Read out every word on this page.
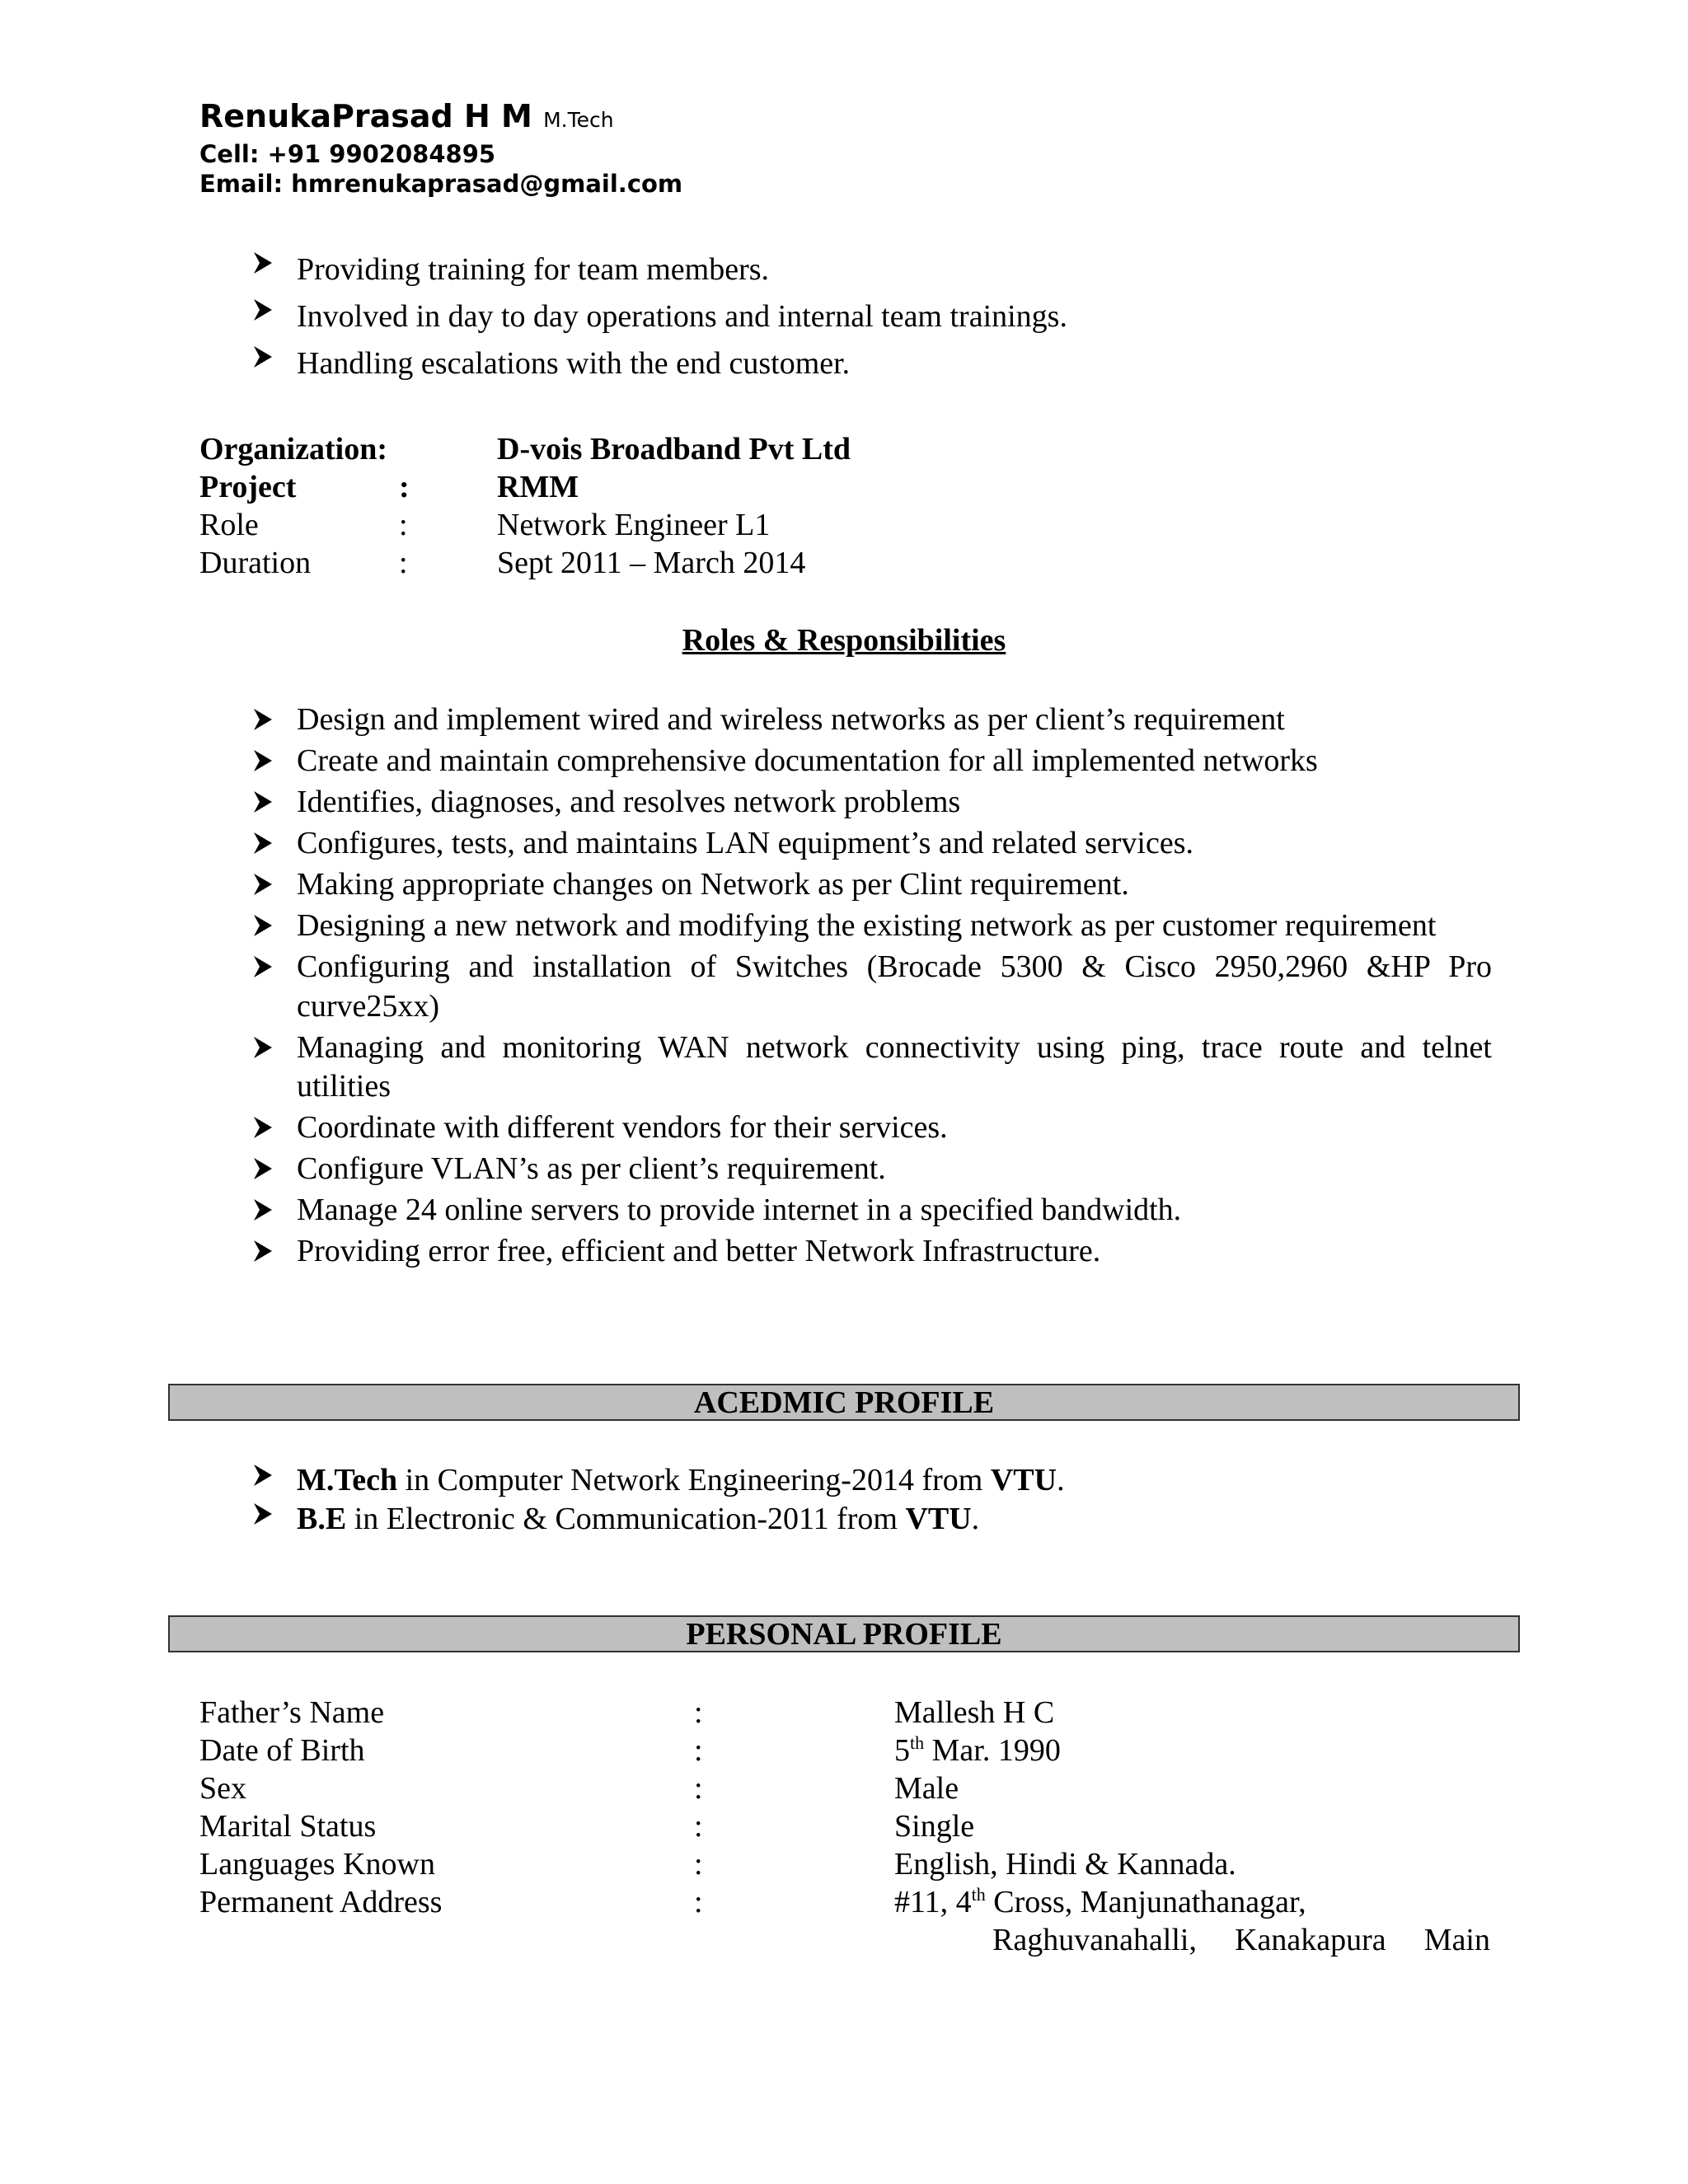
RenukaPrasad H M M.Tech
Cell: +91 9902084895
Email: hmrenukaprasad@gmail.com
Providing training for team members.
Involved in day to day operations and internal team trainings.
Handling escalations with the end customer.
Organization:	D-vois Broadband Pvt Ltd
Project	:	RMM
Role	:	Network Engineer L1
Duration	:	Sept 2011 – March 2014
Roles & Responsibilities
Design and implement wired and wireless networks as per client’s requirement
Create and maintain comprehensive documentation for all implemented networks
Identifies, diagnoses, and resolves network problems
Configures, tests, and maintains LAN equipment’s and related services.
Making appropriate changes on Network as per Clint requirement.
Designing a new network and modifying the existing network as per customer requirement
Configuring and installation of Switches (Brocade 5300 & Cisco 2950,2960 &HP Pro curve25xx)
Managing and monitoring WAN network connectivity using ping, trace route and telnet utilities
Coordinate with different vendors for their services.
Configure VLAN’s as per client’s requirement.
Manage 24 online servers to provide internet in a specified bandwidth.
Providing error free, efficient and better Network Infrastructure.
ACEDMIC PROFILE
M.Tech in Computer Network Engineering-2014 from VTU.
B.E in Electronic & Communication-2011 from VTU.
PERSONAL PROFILE
Father’s Name	:	Mallesh H C
Date of Birth	:	5th Mar. 1990
Sex	:	Male
Marital Status	:	Single
Languages Known	:	English, Hindi & Kannada.
Permanent Address	:	#11, 4th Cross, Manjunathanagar,
Raghuvanahalli, Kanakapura Main
